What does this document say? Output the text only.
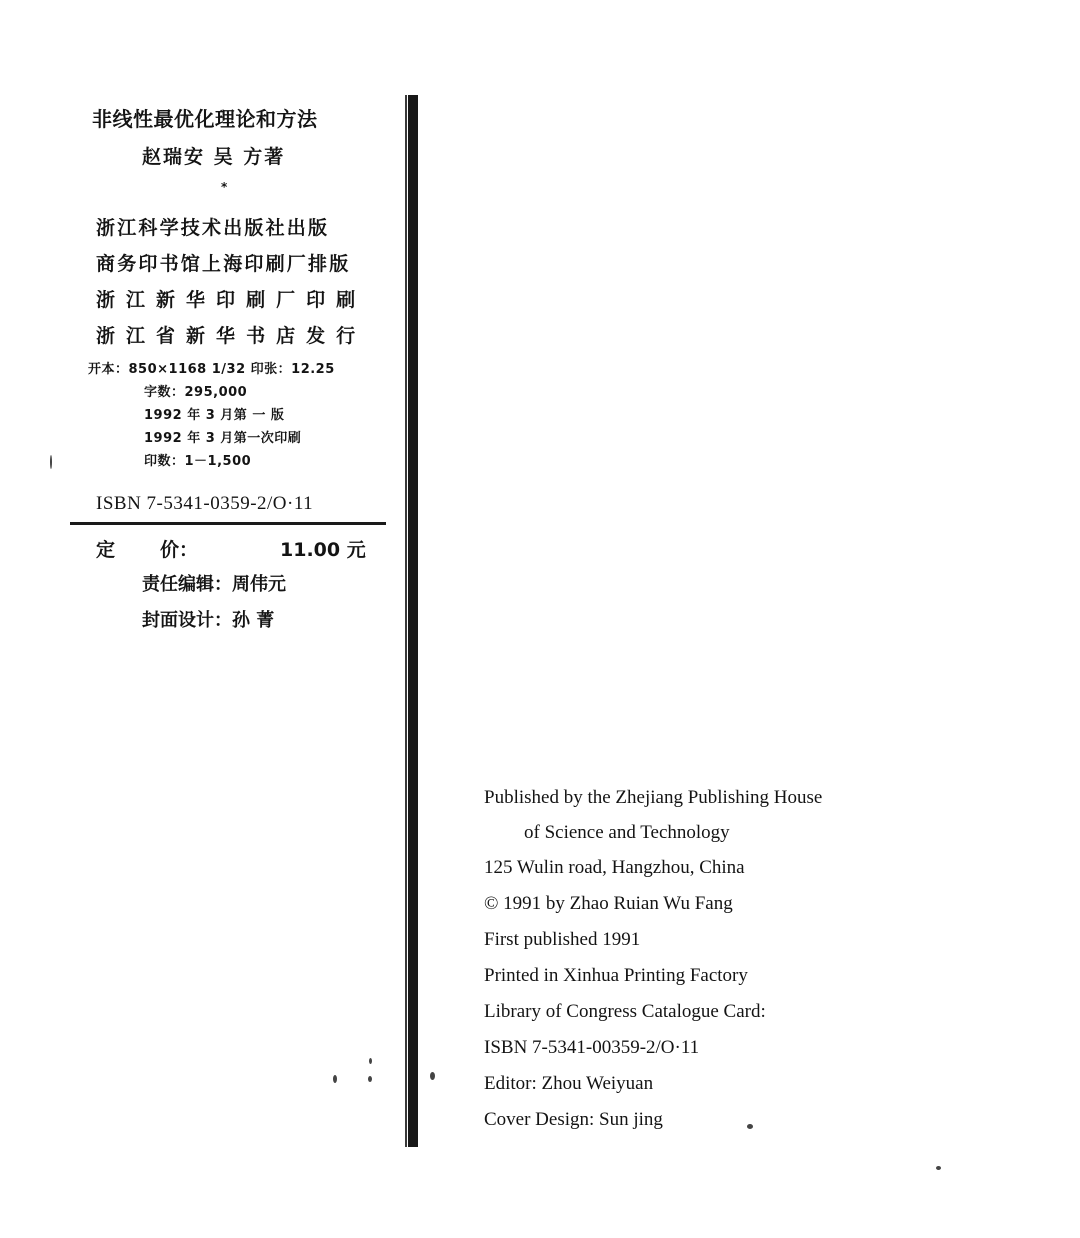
非线性最优化理论和方法
赵瑞安 吴 方著
*
浙江科学技术出版社出版
商务印书馆上海印刷厂排版
浙 江 新 华 印 刷 厂 印 刷
浙 江 省 新 华 书 店 发 行
开本：850×1168 1/32 印张：12.25
字数：295,000
1992 年 3 月第 一 版
1992 年 3 月第一次印刷
印数：1－1,500
ISBN 7-5341-0359-2/O·11
定 价：	11.00 元
责任编辑：周伟元
封面设计：孙 菁
Published by the Zhejiang Publishing House
of Science and Technology
125 Wulin road, Hangzhou, China
© 1991 by Zhao Ruian Wu Fang
First published 1991
Printed in Xinhua Printing Factory
Library of Congress Catalogue Card:
ISBN 7-5341-00359-2/O·11
Editor: Zhou Weiyuan
Cover Design: Sun jing
